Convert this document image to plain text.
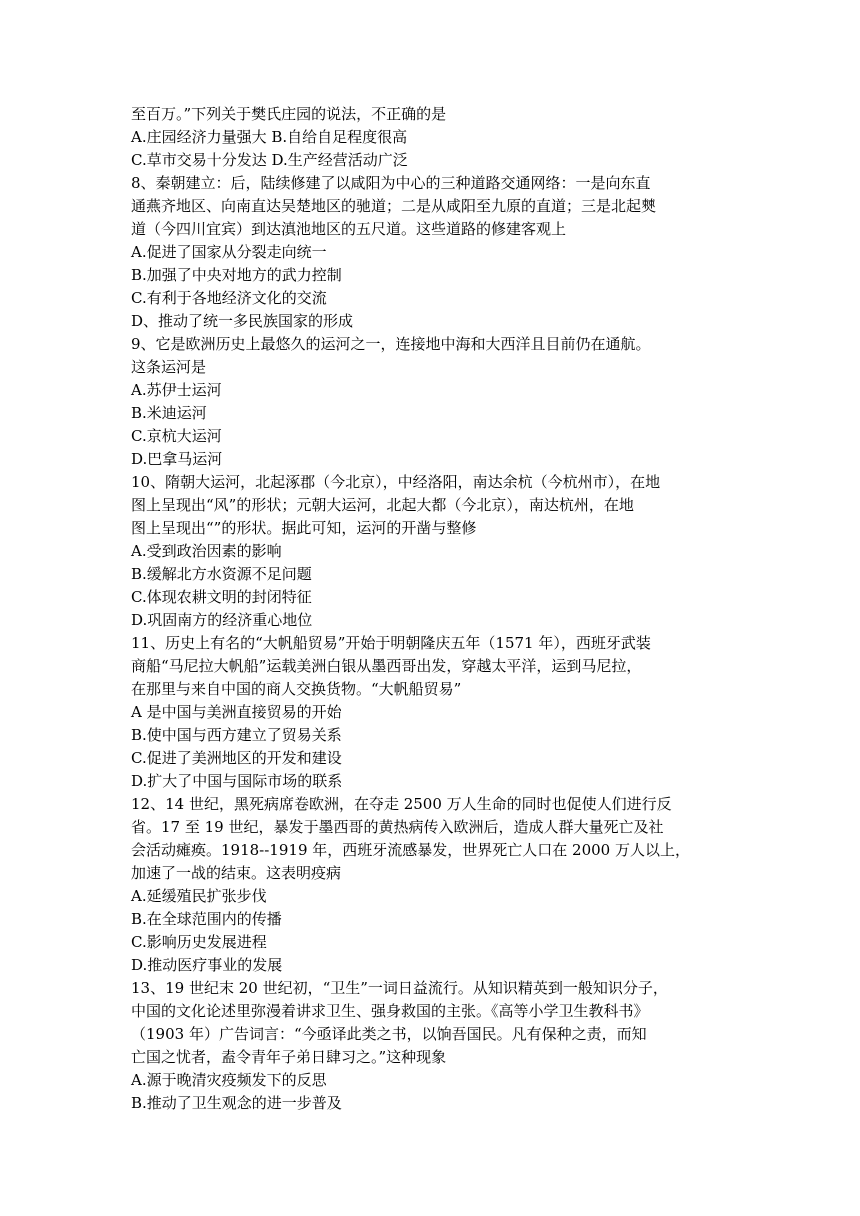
至百万。”下列关于樊氏庄园的说法，不正确的是
A.庄园经济力量强大 B.自给自足程度很高
C.草市交易十分发达 D.生产经营活动广泛
8、秦朝建立：后，陆续修建了以咸阳为中心的三种道路交通网络：一是向东直
通燕齐地区、向南直达吴楚地区的驰道；二是从咸阳至九原的直道；三是北起僰
道（今四川宜宾）到达滇池地区的五尺道。这些道路的修建客观上
A.促进了国家从分裂走向统一
B.加强了中央对地方的武力控制
C.有利于各地经济文化的交流
D、推动了统一多民族国家的形成
9、它是欧洲历史上最悠久的运河之一，连接地中海和大西洋且目前仍在通航。
这条运河是
A.苏伊士运河
B.米迪运河
C.京杭大运河
D.巴拿马运河
10、隋朝大运河，北起涿郡（今北京），中经洛阳，南达余杭（今杭州市），在地
图上呈现出“风”的形状；元朝大运河，北起大都（今北京），南达杭州，在地
图上呈现出“”的形状。据此可知，运河的开凿与整修
A.受到政治因素的影响
B.缓解北方水资源不足问题
C.体现农耕文明的封闭特征
D.巩固南方的经济重心地位
11、历史上有名的“大帆船贸易”开始于明朝隆庆五年（1571 年），西班牙武装
商船“马尼拉大帆船”运载美洲白银从墨西哥出发，穿越太平洋，运到马尼拉，
在那里与来自中国的商人交换货物。“大帆船贸易”
A 是中国与美洲直接贸易的开始
B.使中国与西方建立了贸易关系
C.促进了美洲地区的开发和建设
D.扩大了中国与国际市场的联系
12、14 世纪，黑死病席卷欧洲，在夺走 2500 万人生命的同时也促使人们进行反
省。17 至 19 世纪，暴发于墨西哥的黄热病传入欧洲后，造成人群大量死亡及社
会活动瘫痪。1918--1919 年，西班牙流感暴发，世界死亡人口在 2000 万人以上，
加速了一战的结束。这表明疫病
A.延缓殖民扩张步伐
B.在全球范围内的传播
C.影响历史发展进程
D.推动医疗事业的发展
13、19 世纪末 20 世纪初，“卫生”一词日益流行。从知识精英到一般知识分子，
中国的文化论述里弥漫着讲求卫生、强身救国的主张。《高等小学卫生教科书》
（1903 年）广告词言：“今亟译此类之书，以饷吾国民。凡有保种之责，而知
亡国之忧者，盍令青年子弟日肆习之。”这种现象
A.源于晚清灾疫频发下的反思
B.推动了卫生观念的进一步普及
